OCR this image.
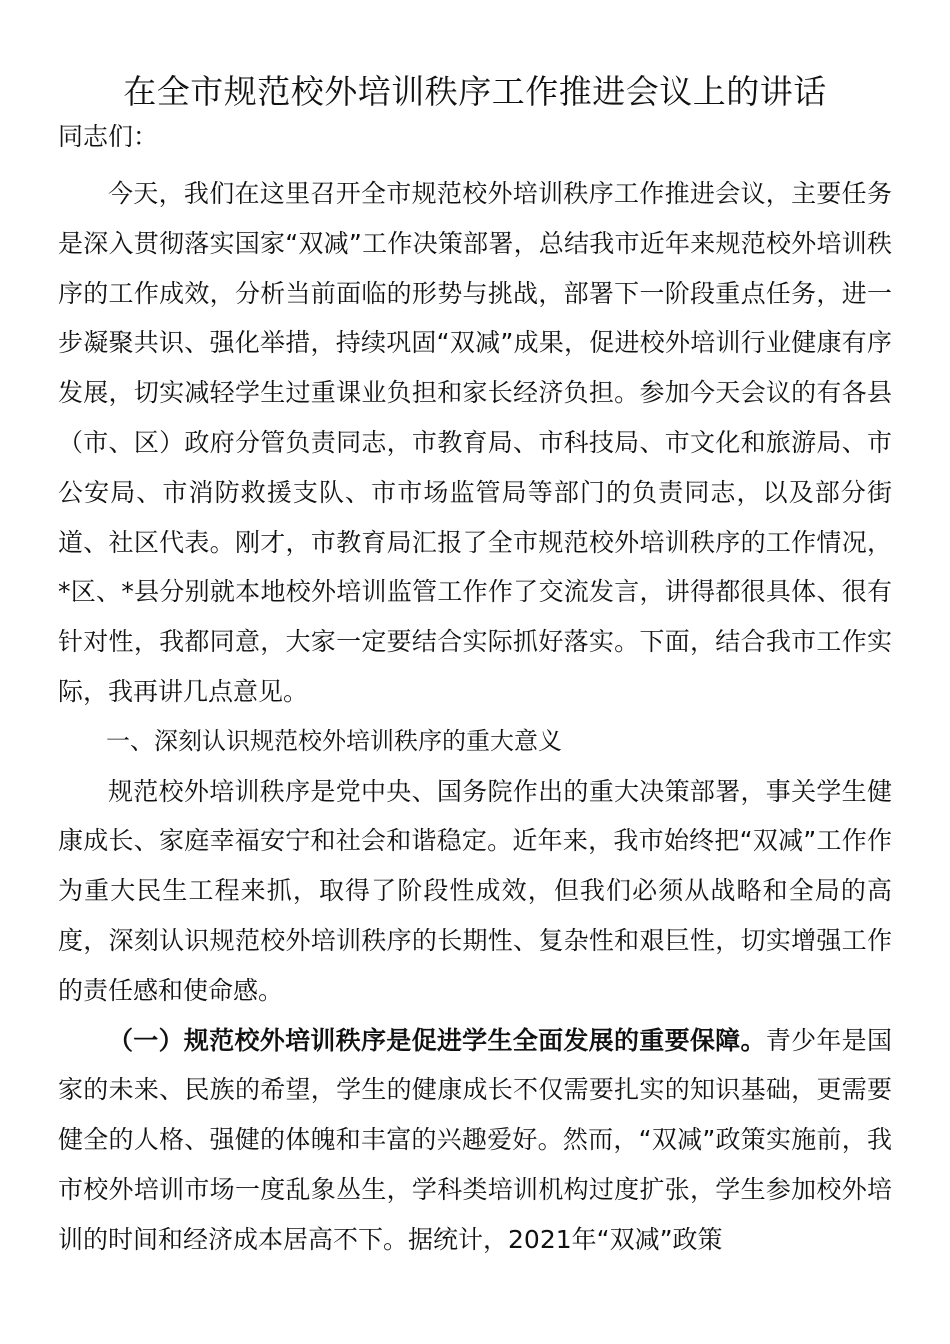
在全市规范校外培训秩序工作推进会议上的讲话

同志们：

今天，我们在这里召开全市规范校外培训秩序工作推进会议，主要任务是深入贯彻落实国家“双减”工作决策部署，总结我市近年来规范校外培训秩序的工作成效，分析当前面临的形势与挑战，部署下一阶段重点任务，进一步凝聚共识、强化举措，持续巩固“双减”成果，促进校外培训行业健康有序发展，切实减轻学生过重课业负担和家长经济负担。参加今天会议的有各县（市、区）政府分管负责同志，市教育局、市科技局、市文化和旅游局、市公安局、市消防救援支队、市市场监管局等部门的负责同志，以及部分街道、社区代表。刚才，市教育局汇报了全市规范校外培训秩序的工作情况，*区、*县分别就本地校外培训监管工作作了交流发言，讲得都很具体、很有针对性，我都同意，大家一定要结合实际抓好落实。下面，结合我市工作实际，我再讲几点意见。

一、深刻认识规范校外培训秩序的重大意义

规范校外培训秩序是党中央、国务院作出的重大决策部署，事关学生健康成长、家庭幸福安宁和社会和谐稳定。近年来，我市始终把“双减”工作作为重大民生工程来抓，取得了阶段性成效，但我们必须从战略和全局的高度，深刻认识规范校外培训秩序的长期性、复杂性和艰巨性，切实增强工作的责任感和使命感。

（一）规范校外培训秩序是促进学生全面发展的重要保障。青少年是国家的未来、民族的希望，学生的健康成长不仅需要扎实的知识基础，更需要健全的人格、强健的体魄和丰富的兴趣爱好。然而，“双减”政策实施前，我市校外培训市场一度乱象丛生，学科类培训机构过度扩张，学生参加校外培训的时间和经济成本居高不下。据统计，2021年“双减”政策
